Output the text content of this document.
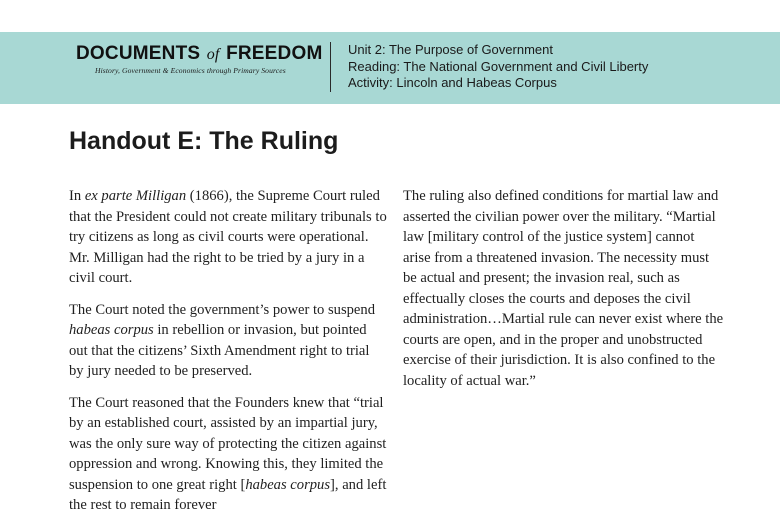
DOCUMENTS of FREEDOM
History, Government & Economics through Primary Sources
Unit 2: The Purpose of Government
Reading: The National Government and Civil Liberty
Activity: Lincoln and Habeas Corpus
Handout E: The Ruling

In ex parte Milligan (1866), the Supreme Court ruled that the President could not create military tribunals to try citizens as long as civil courts were operational. Mr. Milligan had the right to be tried by a jury in a civil court.

The Court noted the government’s power to suspend habeas corpus in rebellion or invasion, but pointed out that the citizens’ Sixth Amendment right to trial by jury needed to be preserved.

The Court reasoned that the Founders knew that “trial by an established court, assisted by an impartial jury, was the only sure way of protecting the citizen against oppression and wrong. Knowing this, they limited the suspension to one great right [habeas corpus], and left the rest to remain forever

The ruling also defined conditions for martial law and asserted the civilian power over the military. “Martial law [military control of the justice system] cannot arise from a threatened invasion. The necessity must be actual and present; the invasion real, such as effectually closes the courts and deposes the civil administration…Martial rule can never exist where the courts are open, and in the proper and unobstructed exercise of their jurisdiction. It is also confined to the locality of actual war.”
